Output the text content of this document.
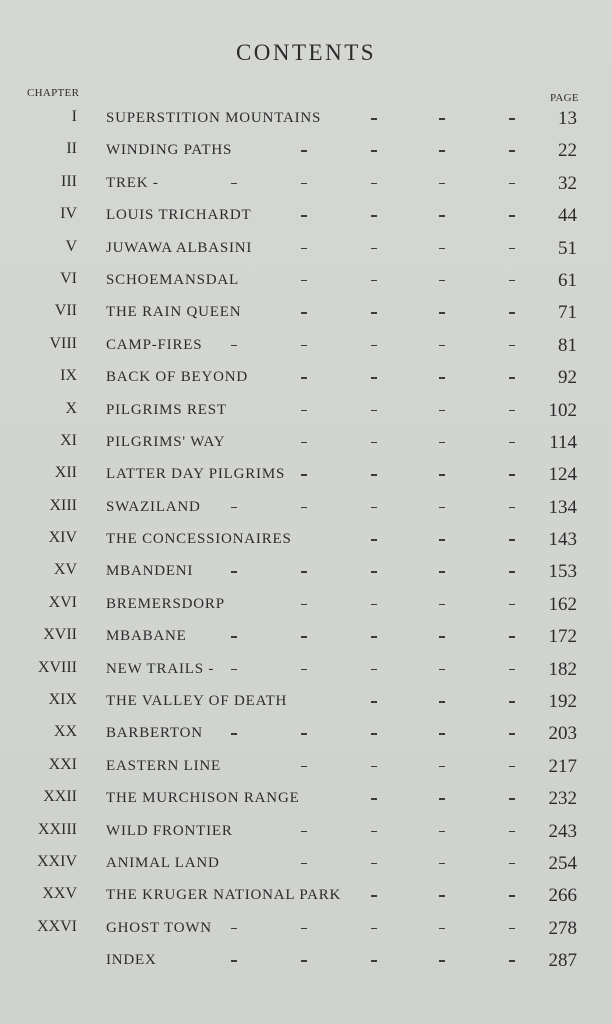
CONTENTS
CHAPTER	PAGE
I SUPERSTITION MOUNTAINS	13
II WINDING PATHS	22
III TREK -	32
IV LOUIS TRICHARDT	44
V JUWAWA ALBASINI	51
VI SCHOEMANSDAL	61
VII THE RAIN QUEEN	71
VIII CAMP-FIRES	81
IX BACK OF BEYOND	92
X PILGRIMS REST	102
XI PILGRIMS' WAY	114
XII LATTER DAY PILGRIMS	124
XIII SWAZILAND	134
XIV THE CONCESSIONAIRES	143
XV MBANDENI	153
XVI BREMERSDORP	162
XVII MBABANE	172
XVIII NEW TRAILS -	182
XIX THE VALLEY OF DEATH	192
XX BARBERTON	203
XXI EASTERN LINE	217
XXII THE MURCHISON RANGE	232
XXIII WILD FRONTIER	243
XXIV ANIMAL LAND	254
XXV THE KRUGER NATIONAL PARK	266
XXVI GHOST TOWN	278
INDEX	287
